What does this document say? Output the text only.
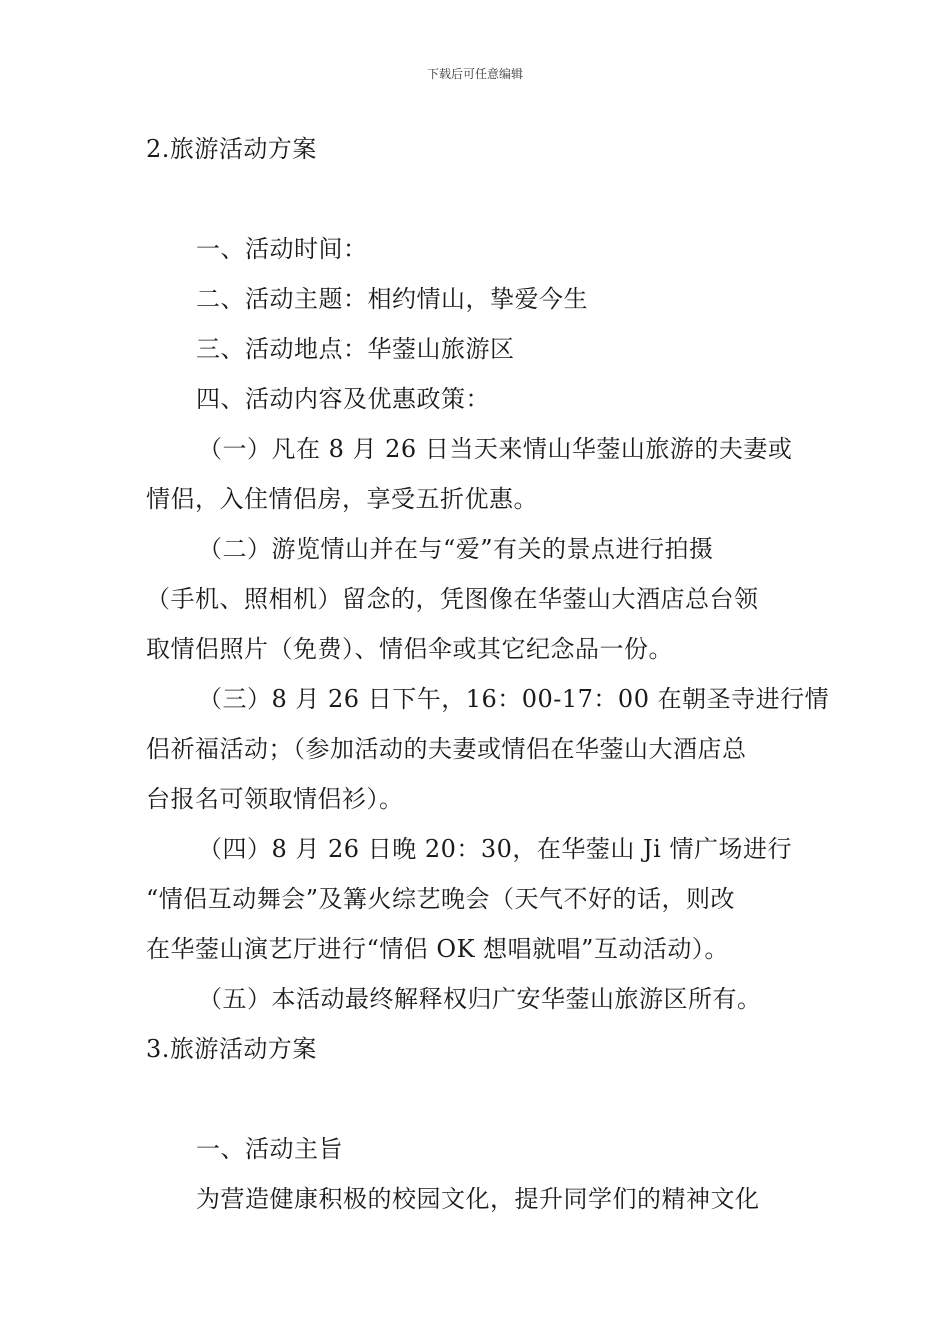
下载后可任意编辑
2.旅游活动方案
一、活动时间：
二、活动主题：相约情山，挚爱今生
三、活动地点：华蓥山旅游区
四、活动内容及优惠政策：
（一）凡在 8 月 26 日当天来情山华蓥山旅游的夫妻或
情侣，入住情侣房，享受五折优惠。
（二）游览情山并在与“爱”有关的景点进行拍摄
（手机、照相机）留念的，凭图像在华蓥山大酒店总台领
取情侣照片（免费）、情侣伞或其它纪念品一份。
（三）8 月 26 日下午，16：00-17：00 在朝圣寺进行情
侣祈福活动；（参加活动的夫妻或情侣在华蓥山大酒店总
台报名可领取情侣衫）。
（四）8 月 26 日晚 20：30，在华蓥山 Ji 情广场进行
“情侣互动舞会”及篝火综艺晚会（天气不好的话，则改
在华蓥山演艺厅进行“情侣 OK 想唱就唱”互动活动）。
（五）本活动最终解释权归广安华蓥山旅游区所有。
3.旅游活动方案
一、活动主旨
为营造健康积极的校园文化，提升同学们的精神文化
